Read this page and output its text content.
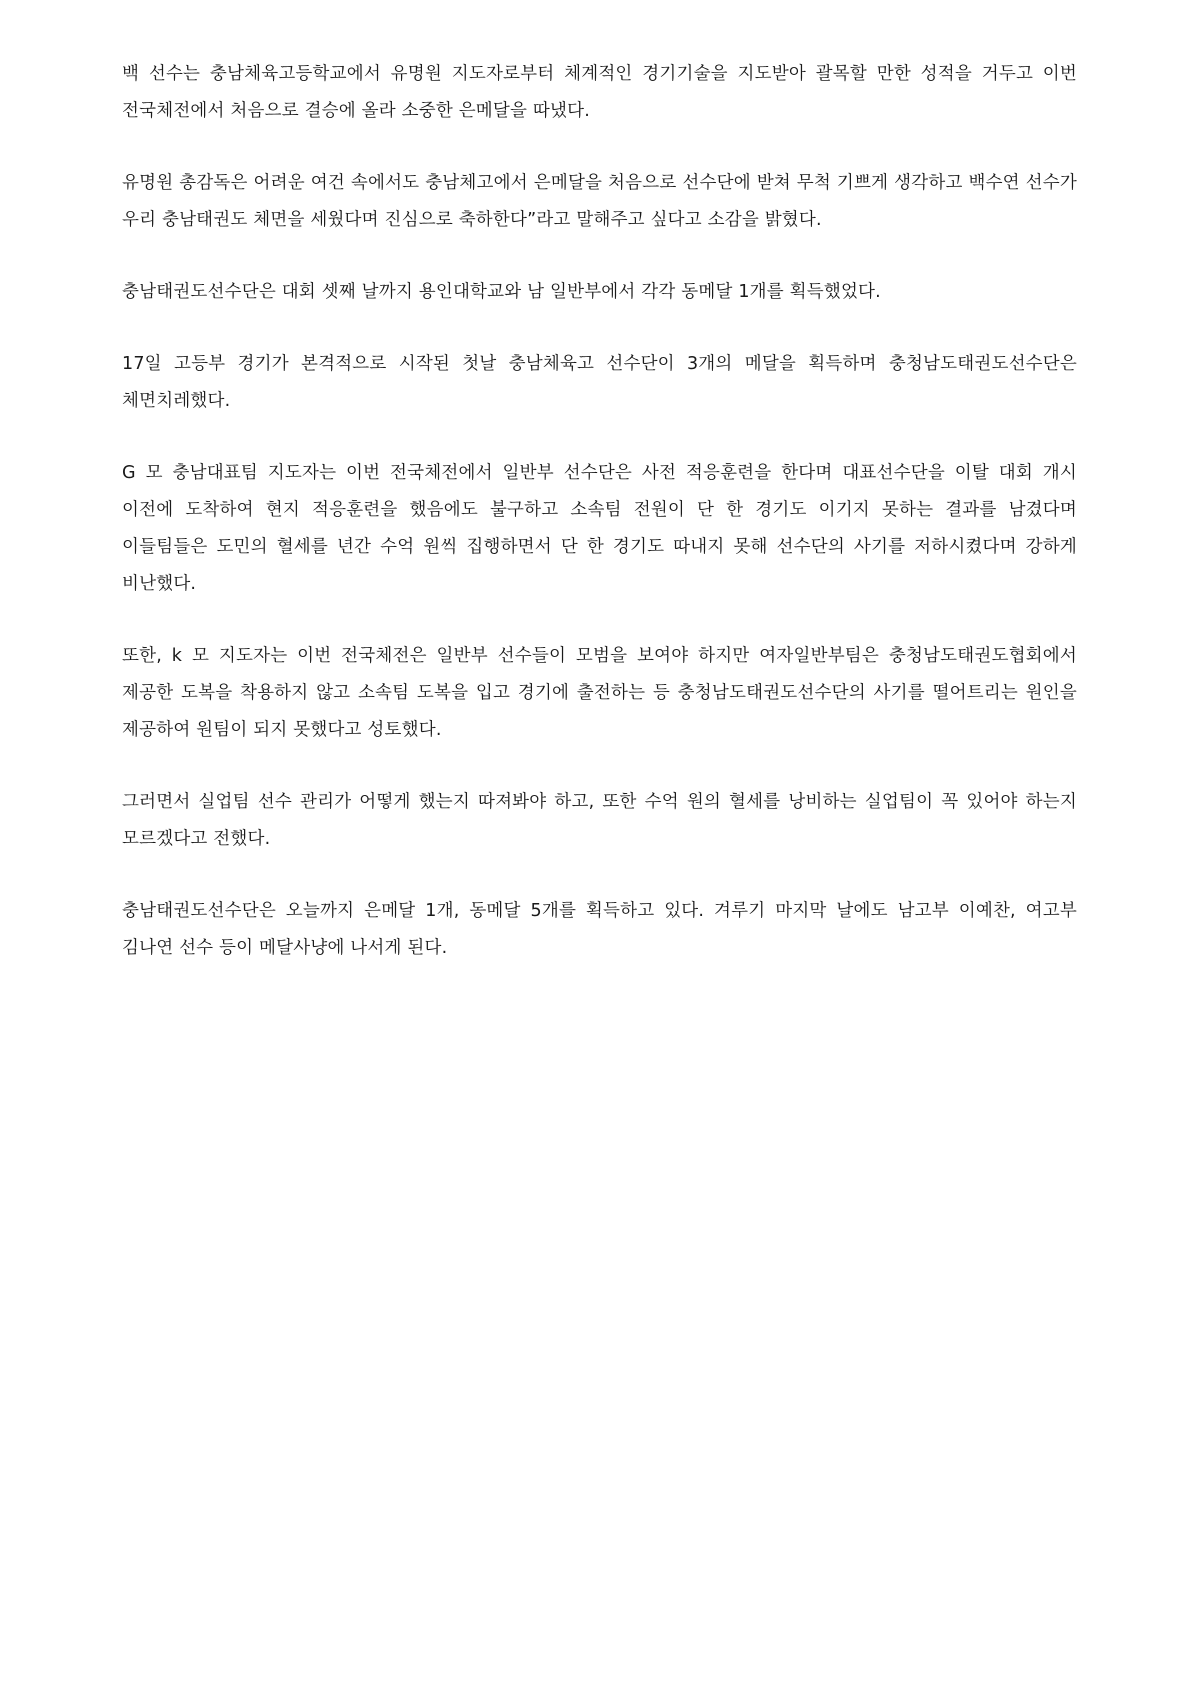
백 선수는 충남체육고등학교에서 유명원 지도자로부터 체계적인 경기기술을 지도받아 괄목할 만한 성적을 거두고 이번 전국체전에서 처음으로 결승에 올라 소중한 은메달을 따냈다.

유명원 총감독은 어려운 여건 속에서도 충남체고에서 은메달을 처음으로 선수단에 받쳐 무척 기쁘게 생각하고 백수연 선수가 우리 충남태권도 체면을 세웠다며 진심으로 축하한다”라고 말해주고 싶다고 소감을 밝혔다.

충남태권도선수단은 대회 셋째 날까지 용인대학교와 남 일반부에서 각각 동메달 1개를 획득했었다.

17일 고등부 경기가 본격적으로 시작된 첫날 충남체육고 선수단이 3개의 메달을 획득하며 충청남도태권도선수단은 체면치레했다.

G 모 충남대표팀 지도자는 이번 전국체전에서 일반부 선수단은 사전 적응훈련을 한다며 대표선수단을 이탈 대회 개시 이전에 도착하여 현지 적응훈련을 했음에도 불구하고 소속팀 전원이 단 한 경기도 이기지 못하는 결과를 남겼다며 이들팀들은 도민의 혈세를 년간 수억 원씩 집행하면서 단 한 경기도 따내지 못해 선수단의 사기를 저하시켰다며 강하게 비난했다.

또한, k 모 지도자는 이번 전국체전은 일반부 선수들이 모범을 보여야 하지만 여자일반부팀은 충청남도태권도협회에서 제공한 도복을 착용하지 않고 소속팀 도복을 입고 경기에 출전하는 등 충청남도태권도선수단의 사기를 떨어트리는 원인을 제공하여 원팀이 되지 못했다고 성토했다.

그러면서 실업팀 선수 관리가 어떻게 했는지 따져봐야 하고, 또한 수억 원의 혈세를 낭비하는 실업팀이 꼭 있어야 하는지 모르겠다고 전했다.

충남태권도선수단은 오늘까지 은메달 1개, 동메달 5개를 획득하고 있다. 겨루기 마지막 날에도 남고부 이예찬, 여고부 김나연 선수 등이 메달사냥에 나서게 된다.
